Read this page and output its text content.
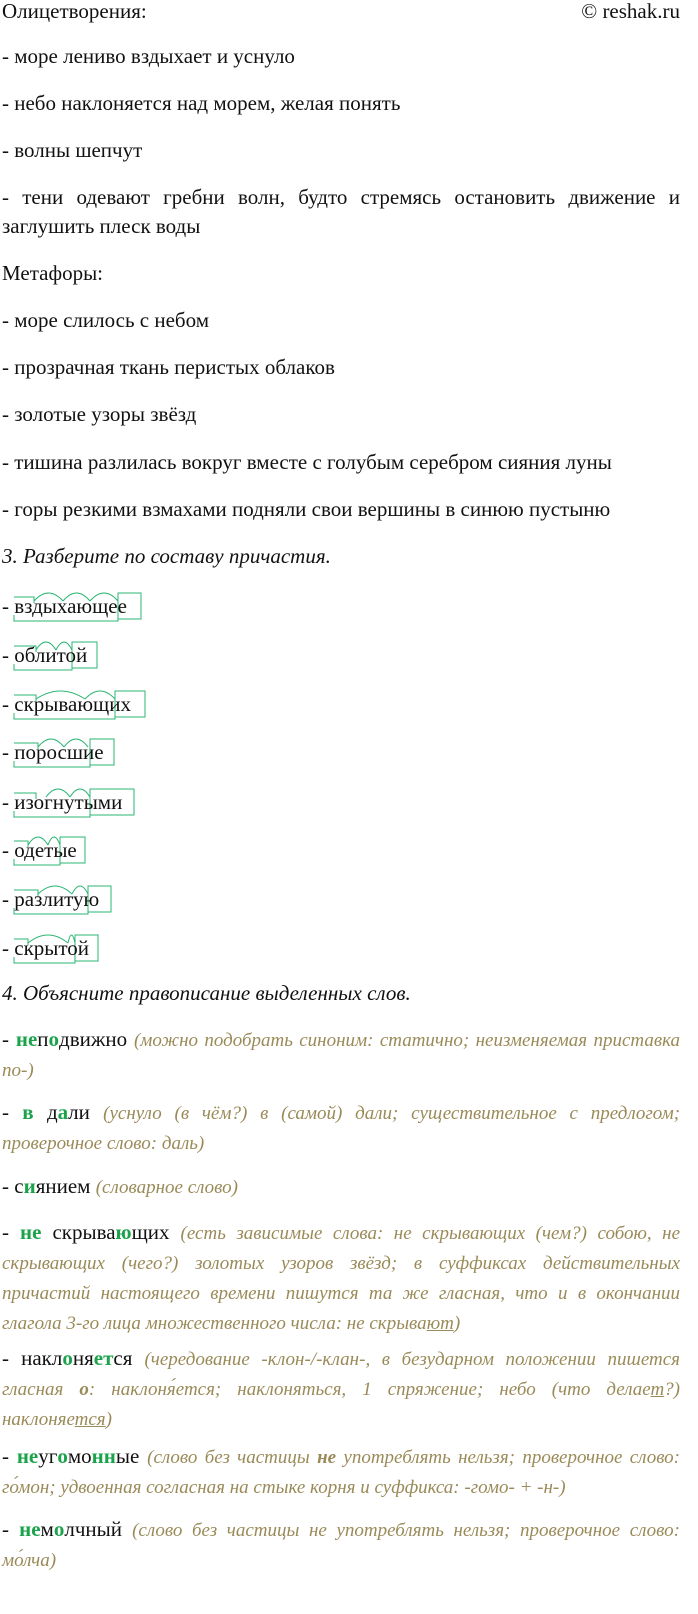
Олицетворения:	© reshak.ru
- море лениво вздыхает и уснуло
- небо наклоняется над морем, желая понять
- волны шепчут
- тени одевают гребни волн, будто стремясь остановить движение и заглушить плеск воды
Метафоры:
- море слилось с небом
- прозрачная ткань перистых облаков
- золотые узоры звёзд
- тишина разлилась вокруг вместе с голубым серебром сияния луны
- горы резкими взмахами подняли свои вершины в синюю пустыню
3. Разберите по составу причастия.
- вздыхающее
- облитой
- скрывающих
- поросшие
- изогнутыми
- одетые
- разлитую
- скрытой
4. Объясните правописание выделенных слов.
- неподвижно (можно подобрать синоним: статично; неизменяемая приставка по-)
- в дали (уснуло (в чём?) в (самой) дали; существительное с предлогом; проверочное слово: даль)
- сиянием (словарное слово)
- не скрывающих (есть зависимые слова: не скрывающих (чем?) собою, не скрывающих (чего?) золотых узоров звёзд; в суффиксах действительных причастий настоящего времени пишутся та же гласная, что и в окончании глагола 3-го лица множественного числа: не скрывают)
- наклоняется (чередование -клон-/-клан-, в безударном положении пишется гласная о: наклоня́ется; наклоняться, 1 спряжение; небо (что делает?) наклоняется)
- неугомонные (слово без частицы не употреблять нельзя; проверочное слово: го́мон; удвоенная согласная на стыке корня и суффикса: -гомо- + -н-)
- немолчный (слово без частицы не употреблять нельзя; проверочное слово: мо́лча)
